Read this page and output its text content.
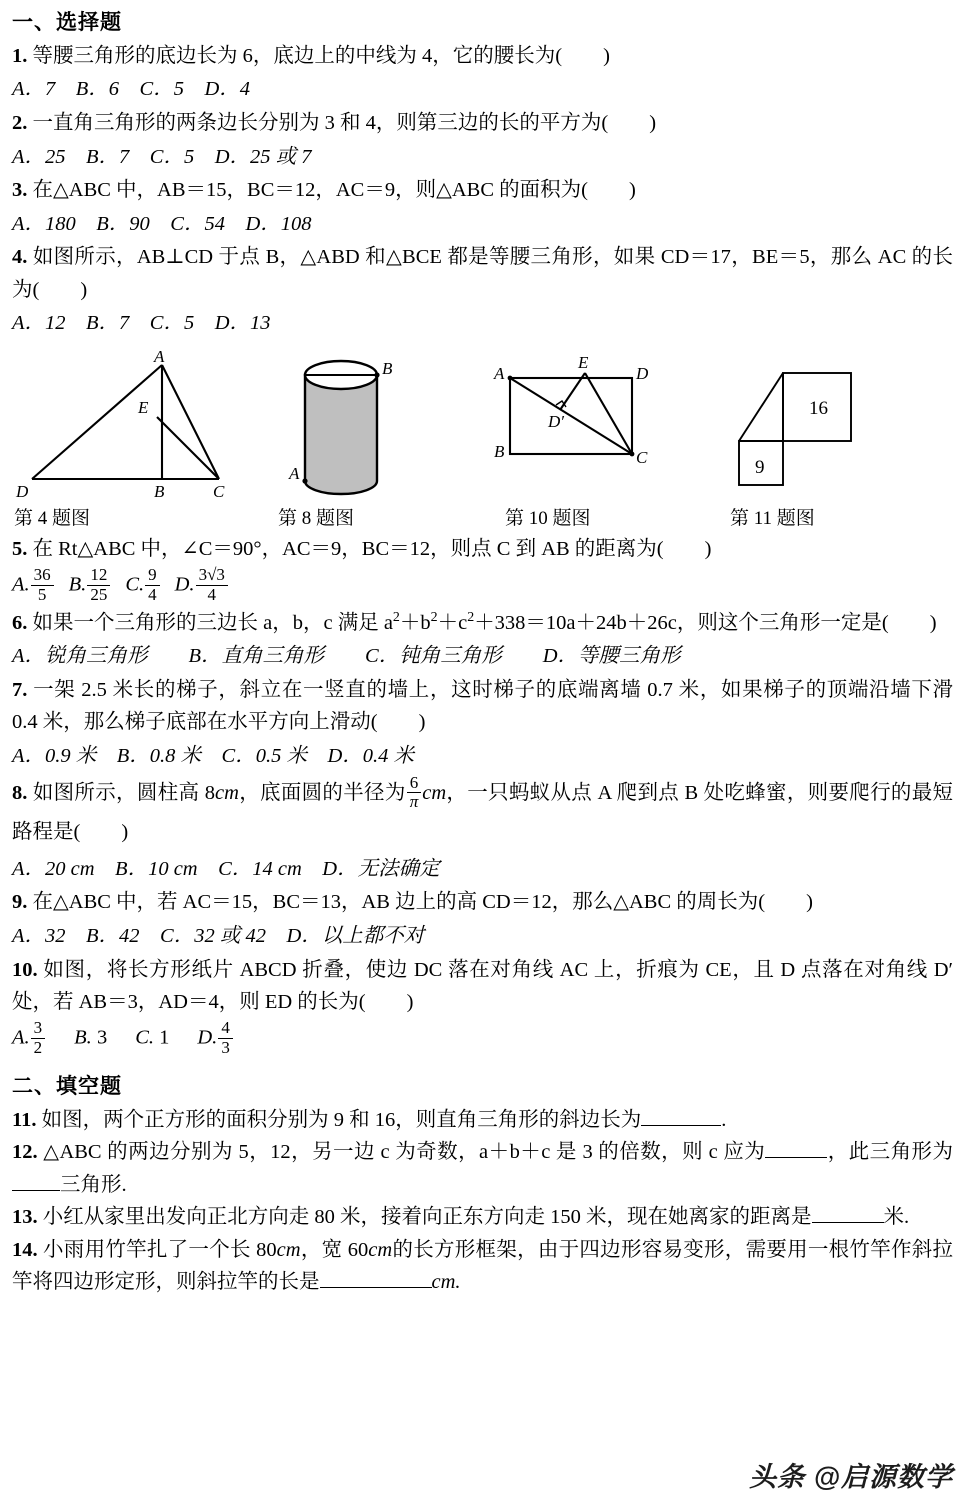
一、选择题
1. 等腰三角形的底边长为 6，底边上的中线为 4，它的腰长为(　　)
A．7　B．6　C．5　D．4
2. 一直角三角形的两条边长分别为 3 和 4，则第三边的长的平方为(　　)
A．25　B．7　C．5　D．25 或 7
3. 在△ABC 中，AB＝15，BC＝12，AC＝9，则△ABC 的面积为(　　)
A．180　B．90　C．54　D．108
4. 如图所示，AB⊥CD 于点 B，△ABD 和△BCE 都是等腰三角形，如果 CD＝17，BE＝5，那么 AC 的长为(　　)
A．12　B．7　C．5　D．13
A
E
D	B	C
B
A
A
E
D
B	C
D′
16
9
第 4 题图	第 8 题图	第 10 题图	第 11 题图
5. 在 Rt△ABC 中，∠C＝90°，AC＝9，BC＝12，则点 C 到 AB 的距离为(　　)
A. $\frac{36}{5} B$. $\frac{12}{25} C$. $\frac{9}{4} D$. $\frac{3√3}{4}$
6. 如果一个三角形的三边长 a，b，c 满足 $a^2+b^2+c^2+338=10a+24b+26c$，则这个三角形一定是(　　)
A．锐角三角形　　B．直角三角形　　C．钝角三角形　　D．等腰三角形
7. 一架 2.5 米长的梯子，斜立在一竖直的墙上，这时梯子的底端离墙 0.7 米，如果梯子的顶端沿墙下滑 0.4 米，那么梯子底部在水平方向上滑动(　　)
A．0.9 米　B．0.8 米　C．0.5 米　D．0.4 米
8. 如图所示，圆柱高 8cm，底面圆的半径为 $\frac{6}{\pi}$ cm，一只蚂蚁从点 A 爬到点 B 处吃蜂蜜，则要爬行的最短路程是(　　)
A．20 cm　B．10 cm　C．14 cm　D．无法确定
9. 在△ABC 中，若 AC＝15，BC＝13，AB 边上的高 CD＝12，那么△ABC 的周长为(　　)
A．32　B．42　C．32 或 42　D．以上都不对
10. 如图，将长方形纸片 ABCD 折叠，使边 DC 落在对角线 AC 上，折痕为 CE，且 D 点落在对角线 D′处，若 AB＝3，AD＝4，则 ED 的长为(　　)
A. $\frac{3}{2} B$. 3 C. 1 D. $\frac{4}{3}$
二、填空题
11. 如图，两个正方形的面积分别为 9 和 16，则直角三角形的斜边长为	.
12. △ABC 的两边分别为 5，12，另一边 c 为奇数，a＋b＋c 是 3 的倍数，则 c 应为	，此三角形为三角形.
13. 小红从家里出发向正北方向走 80 米，接着向正东方向走 150 米，现在她离家的距离是	米.
14. 小雨用竹竿扎了一个长 80cm，宽 60cm的长方形框架，由于四边形容易变形，需要用一根竹竿作斜拉竿将四边形定形，则斜拉竿的长是	cm.
头条 @启源数学
